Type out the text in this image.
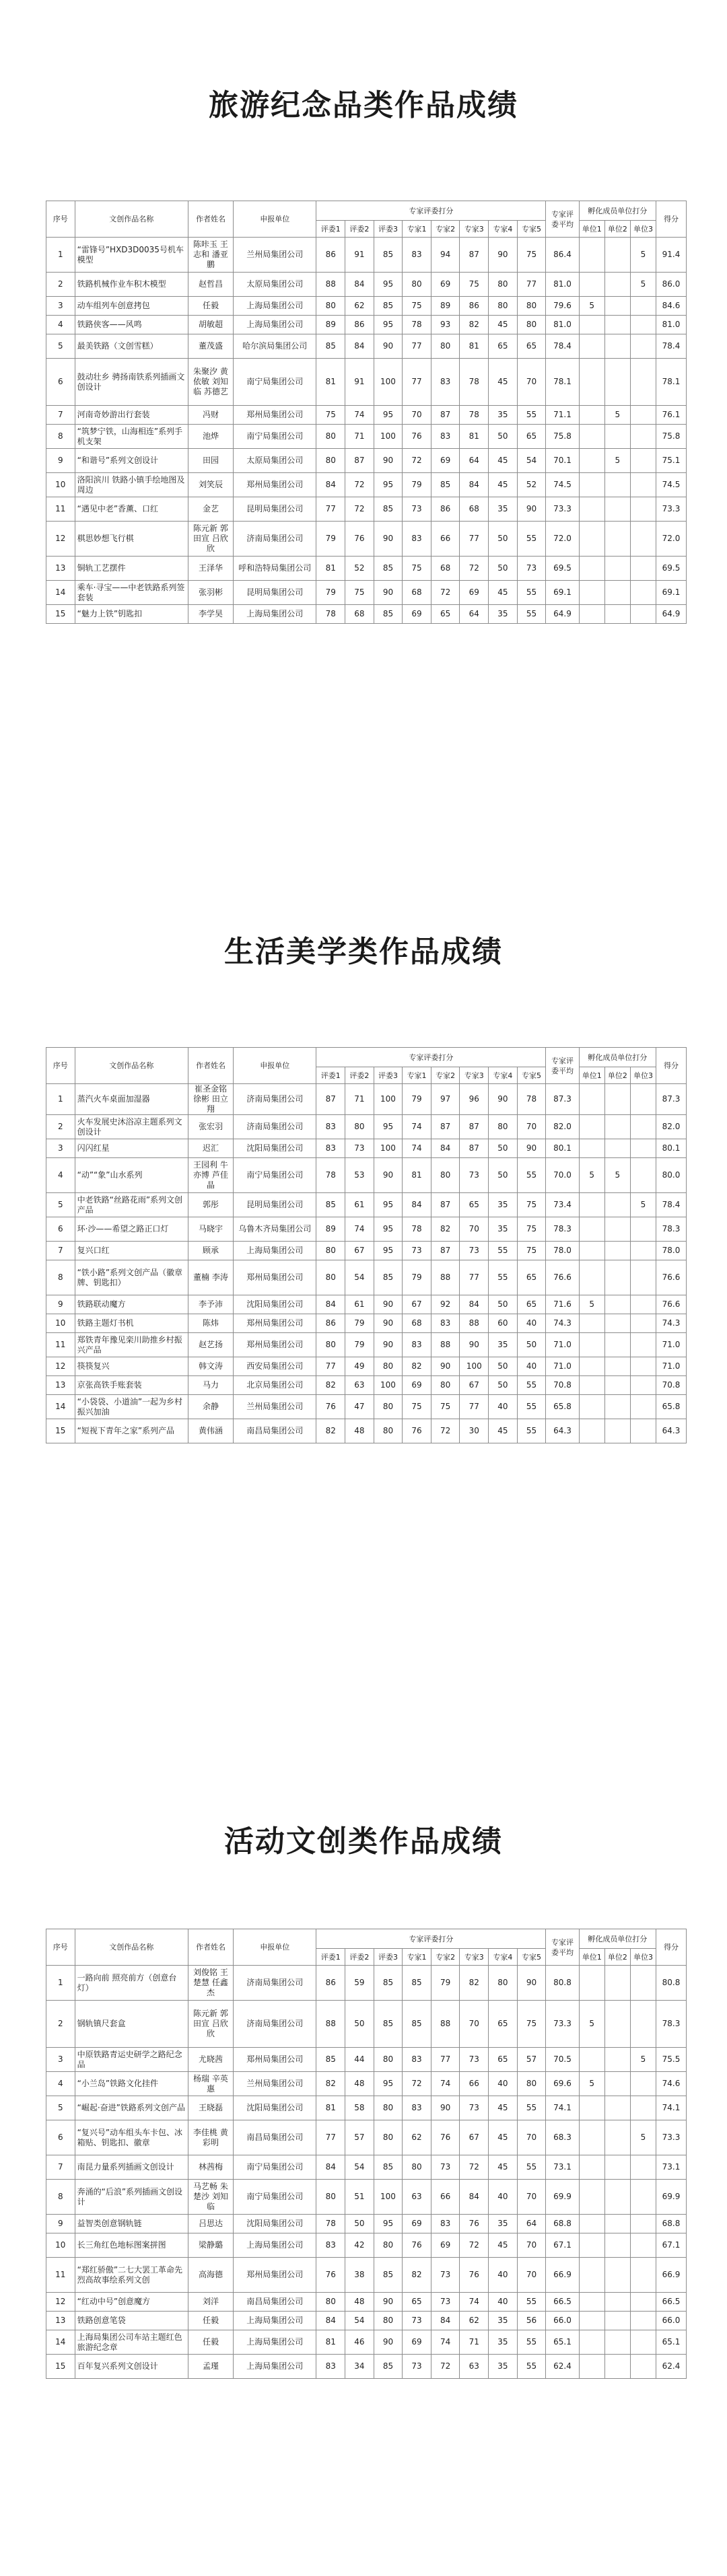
旅游纪念品类作品成绩
序号	文创作品名称	作者姓名	申报单位	专家评委打分								专家评委平均	孵化成员单位打分			得分
				评委1	评委2	评委3	专家1	专家2	专家3	专家4	专家5		单位1	单位2	单位3	
1	“雷锋号”HXD3D0035号机车模型	陈咔玉 王志和 潘亚鹏	兰州局集团公司	86	91	85	83	94	87	90	75	86.4			5	91.4
2	铁路机械作业车积木模型	赵哲昌	太原局集团公司	88	84	95	80	69	75	80	77	81.0			5	86.0
3	动车组列车创意拷包	任毅	上海局集团公司	80	62	85	75	89	86	80	80	79.6	5			84.6
4	铁路侠客——风鸣	胡敏超	上海局集团公司	89	86	95	78	93	82	45	80	81.0				81.0
5	最美铁路（文创雪糕）	董茂盛	哈尔滨局集团公司	85	84	90	77	80	81	65	65	78.4				78.4
6	鼓动壮乡 骋扬南铁系列插画文创设计	朱聚汐 黄依敏 刘知临 苏德艺	南宁局集团公司	81	91	100	77	83	78	45	70	78.1				78.1
7	河南奇妙游出行套装	冯财	郑州局集团公司	75	74	95	70	87	78	35	55	71.1		5		76.1
8	“筑梦宁铁，山海相连”系列手机支架	池烨	南宁局集团公司	80	71	100	76	83	81	50	65	75.8				75.8
9	“和谐号”系列文创设计	田园	太原局集团公司	80	87	90	72	69	64	45	54	70.1		5		75.1
10	洛阳滨川 铁路小镇手绘地图及周边	刘笑辰	郑州局集团公司	84	72	95	79	85	84	45	52	74.5				74.5
11	“遇见中老”香薰、口红	金艺	昆明局集团公司	77	72	85	73	86	68	35	90	73.3				73.3
12	棋思妙想飞行棋	陈元新 郭田宣 吕欣欣	济南局集团公司	79	76	90	83	66	77	50	55	72.0				72.0
13	铜轨工艺摆件	王泽华	呼和浩特局集团公司	81	52	85	75	68	72	50	73	69.5				69.5
14	乘车·寻宝——中老铁路系列签套装	张羽彬	昆明局集团公司	79	75	90	68	72	69	45	55	69.1				69.1
15	“魅力上铁”钥匙扣	李学昊	上海局集团公司	78	68	85	69	65	64	35	55	64.9				64.9
生活美学类作品成绩
序号	文创作品名称	作者姓名	申报单位	专家评委打分								专家评委平均	孵化成员单位打分			得分
				评委1	评委2	评委3	专家1	专家2	专家3	专家4	专家5		单位1	单位2	单位3	
1	蒸汽火车桌面加湿器	崔圣金铭 徐彬 田立翔	济南局集团公司	87	71	100	79	97	96	90	78	87.3				87.3
2	火车发展史沐浴凉主题系列文创设计	张宏羽	济南局集团公司	83	80	95	74	87	87	80	70	82.0				82.0
3	闪闪红星	迟汇	沈阳局集团公司	83	73	100	74	84	87	50	90	80.1				80.1
4	“动”“象”山水系列	王园利 牛亦博 芦佳晶	南宁局集团公司	78	53	90	81	80	73	50	55	70.0	5	5		80.0
5	中老铁路“丝路花雨”系列文创产品	郭彤	昆明局集团公司	85	61	95	84	87	65	35	75	73.4			5	78.4
6	环·沙——希望之路正口灯	马晓宇	乌鲁木齐局集团公司	89	74	95	78	82	70	35	75	78.3				78.3
7	复兴口红	顾承	上海局集团公司	80	67	95	73	87	73	55	75	78.0				78.0
8	“铁小路”系列文创产品（徽章牌、钥匙扣）	董楠 李涛	郑州局集团公司	80	54	85	79	88	77	55	65	76.6				76.6
9	铁路联动魔方	李予沛	沈阳局集团公司	84	61	90	67	92	84	50	65	71.6	5			76.6
10	铁路主题灯书机	陈炜	郑州局集团公司	86	79	90	68	83	88	60	40	74.3				74.3
11	郑铁青年豫见栾川助推乡村振兴产品	赵艺扬	郑州局集团公司	80	79	90	83	88	90	35	50	71.0				71.0
12	筷筷复兴	韩文涛	西安局集团公司	77	49	80	82	90	100	50	40	71.0				71.0
13	京张高铁手账套装	马力	北京局集团公司	82	63	100	69	80	67	50	55	70.8				70.8
14	“小袋袋、小道油”一起为乡村振兴加油	余静	兰州局集团公司	76	47	80	75	75	77	40	55	65.8				65.8
15	“短视下青年之家”系列产品	黄伟涵	南昌局集团公司	82	48	80	76	72	30	45	55	64.3				64.3
活动文创类作品成绩
序号	文创作品名称	作者姓名	申报单位	专家评委打分								专家评委平均	孵化成员单位打分			得分
				评委1	评委2	评委3	专家1	专家2	专家3	专家4	专家5		单位1	单位2	单位3	
1	一路向前 照亮前方（创意台灯）	刘俊铭 王楚慧 任鑫杰	济南局集团公司	86	59	85	85	79	82	80	90	80.8				80.8
2	钢轨镇尺套盒	陈元新 郭田宣 吕欣欣	济南局集团公司	88	50	85	85	88	70	65	75	73.3	5			78.3
3	中原铁路青运史研学之路纪念品	尤晓茜	郑州局集团公司	85	44	80	83	77	73	65	57	70.5			5	75.5
4	“小兰岛”铁路文化挂件	杨瑞 辛英惠	兰州局集团公司	82	48	95	72	74	66	40	80	69.6	5			74.6
5	“崛起·奋进”铁路系列文创产品	王晓磊	沈阳局集团公司	81	58	80	83	90	73	45	55	74.1				74.1
6	“复兴号”动车组头车卡包、冰箱贴、钥匙扣、徽章	李佳桃 黄彩明	南昌局集团公司	77	57	80	62	76	67	45	70	68.3			5	73.3
7	南昆力量系列插画文创设计	林茜梅	南宁局集团公司	84	54	85	80	73	72	45	55	73.1				73.1
8	奔涌的“后浪”系列插画文创设计	马艺畅 朱楚沙 刘知临	南宁局集团公司	80	51	100	63	66	84	40	70	69.9				69.9
9	益智类创意钢轨链	吕思达	沈阳局集团公司	78	50	95	69	83	76	35	64	68.8				68.8
10	长三角红色地标图案拼图	梁静璐	上海局集团公司	83	42	80	76	69	72	45	70	67.1				67.1
11	“郑红骄傲”二七大罢工革命先烈高故事绘系列文创	高海德	郑州局集团公司	76	38	85	82	73	76	40	70	66.9				66.9
12	“红动中号”创意魔方	刘洋	南昌局集团公司	80	48	90	65	73	74	40	55	66.5				66.5
13	铁路创意笔袋	任毅	上海局集团公司	84	54	80	73	84	62	35	56	66.0				66.0
14	上海局集团公司车站主题红色旅游纪念章	任毅	上海局集团公司	81	46	90	69	74	71	35	55	65.1				65.1
15	百年复兴系列文创设计	孟瑾	上海局集团公司	83	34	85	73	72	63	35	55	62.4				62.4
